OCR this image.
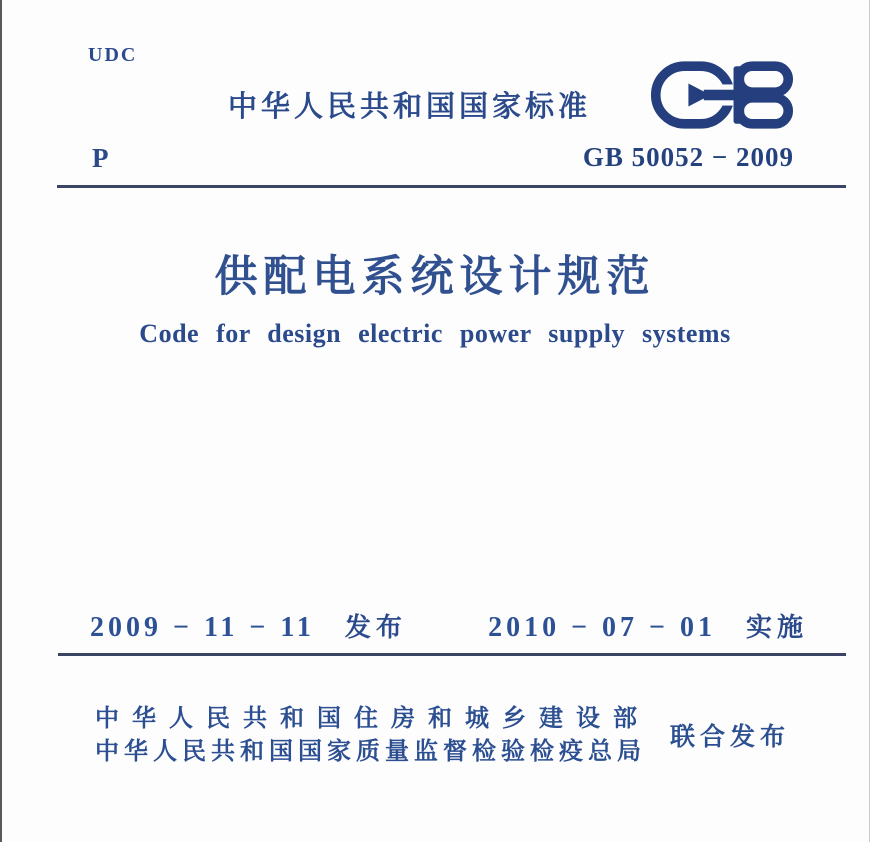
UDC
中华人民共和国国家标准
P	GB 50052 − 2009
供配电系统设计规范
Code for design electric power supply systems
2009 − 11 − 11 发布	2010 − 07 − 01 实施
中华人民共和国住房和城乡建设部
中华人民共和国国家质量监督检验检疫总局
联合发布
